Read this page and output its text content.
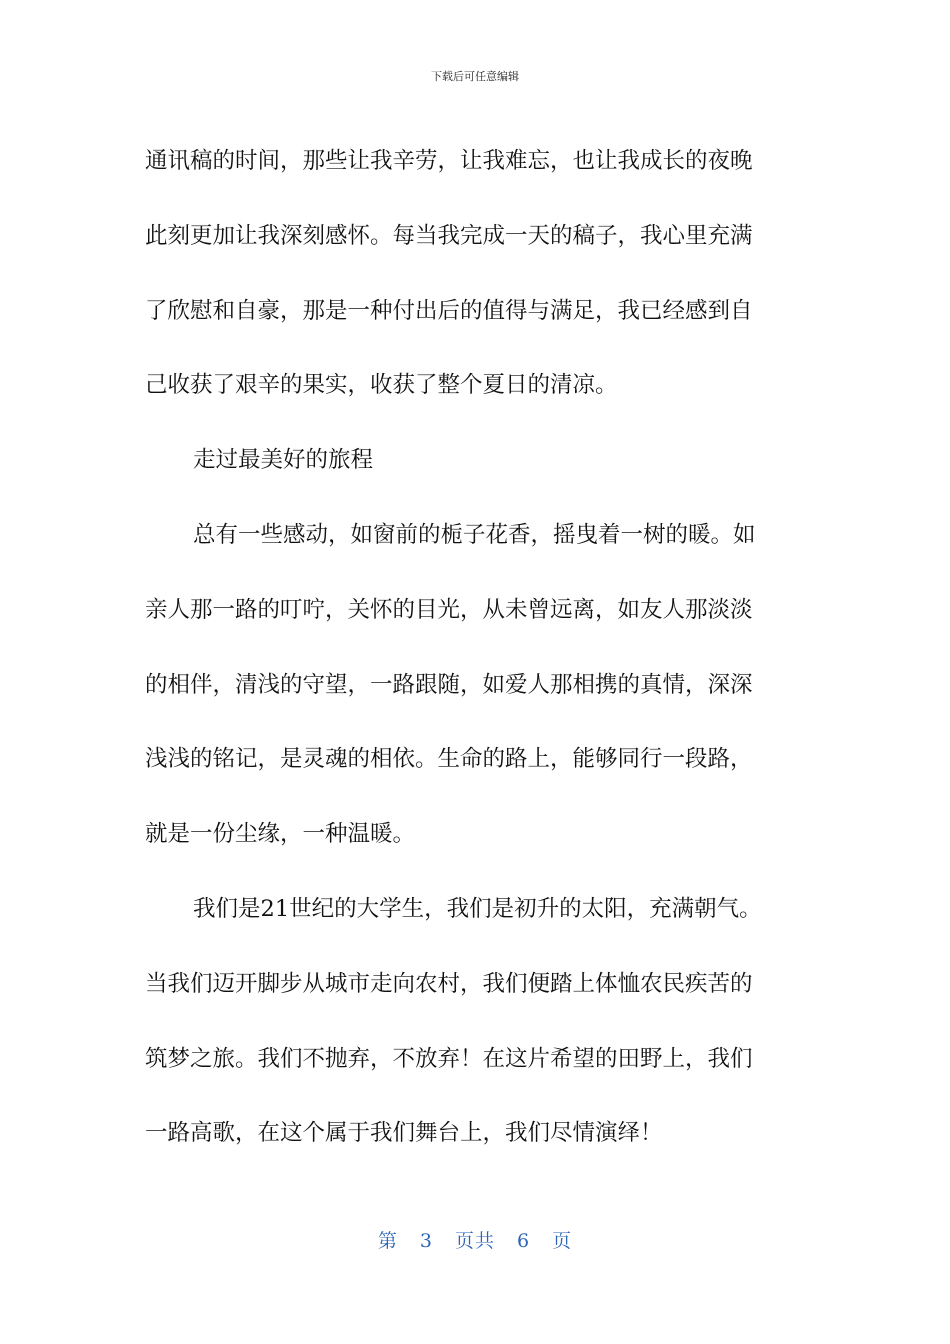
下载后可任意编辑
通讯稿的时间，那些让我辛劳，让我难忘，也让我成长的夜晚
此刻更加让我深刻感怀。每当我完成一天的稿子，我心里充满
了欣慰和自豪，那是一种付出后的值得与满足，我已经感到自
己收获了艰辛的果实，收获了整个夏日的清凉。
走过最美好的旅程
总有一些感动，如窗前的栀子花香，摇曳着一树的暖。如
亲人那一路的叮咛，关怀的目光，从未曾远离，如友人那淡淡
的相伴，清浅的守望，一路跟随，如爱人那相携的真情，深深
浅浅的铭记，是灵魂的相依。生命的路上，能够同行一段路，
就是一份尘缘，一种温暖。
我们是21世纪的大学生，我们是初升的太阳，充满朝气。
当我们迈开脚步从城市走向农村，我们便踏上体恤农民疾苦的
筑梦之旅。我们不抛弃，不放弃！在这片希望的田野上，我们
一路高歌，在这个属于我们舞台上，我们尽情演绎！
第 3 页共 6 页
